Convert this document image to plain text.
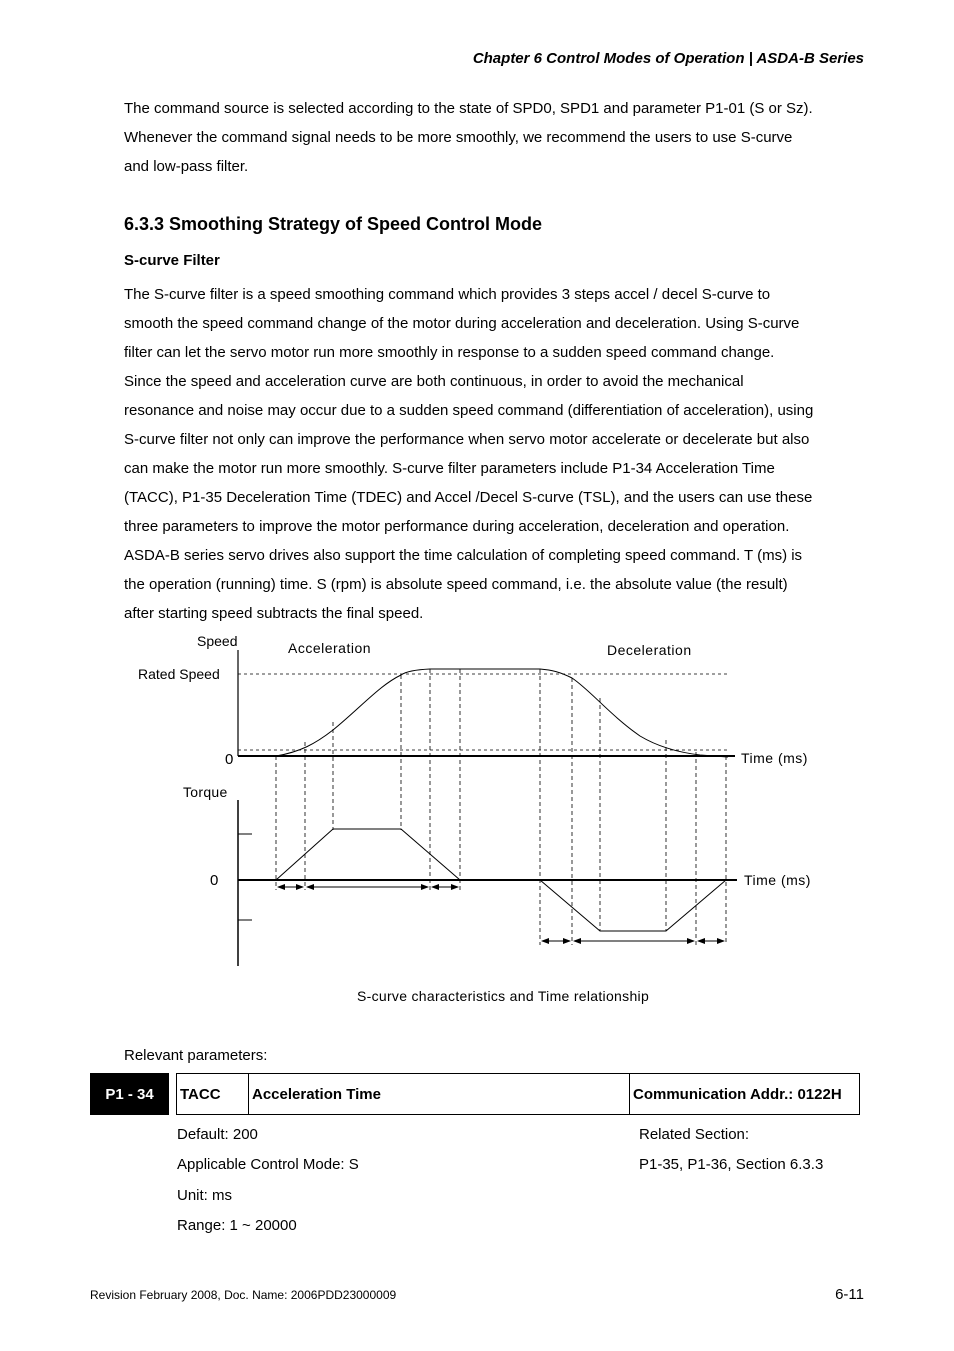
Chapter 6 Control Modes of Operation | ASDA-B Series
The command source is selected according to the state of SPD0, SPD1 and parameter P1-01 (S or Sz).
Whenever the command signal needs to be more smoothly, we recommend the users to use S-curve
and low-pass filter.
6.3.3 Smoothing Strategy of Speed Control Mode
S-curve Filter
The S-curve filter is a speed smoothing command which provides 3 steps accel / decel S-curve to
smooth the speed command change of the motor during acceleration and deceleration. Using S-curve
filter can let the servo motor run more smoothly in response to a sudden speed command change.
Since the speed and acceleration curve are both continuous, in order to avoid the mechanical
resonance and noise may occur due to a sudden speed command (differentiation of acceleration), using
S-curve filter not only can improve the performance when servo motor accelerate or decelerate but also
can make the motor run more smoothly. S-curve filter parameters include P1-34 Acceleration Time
(TACC), P1-35 Deceleration Time (TDEC) and Accel /Decel S-curve (TSL), and the users can use these
three parameters to improve the motor performance during acceleration, deceleration and operation.
ASDA-B series servo drives also support the time calculation of completing speed command. T (ms) is
the operation (running) time. S (rpm) is absolute speed command, i.e. the absolute value (the result)
after starting speed subtracts the final speed.
Speed	Acceleration	Deceleration
Rated Speed
0	Time (ms)
Torque
0	Time (ms)
S-curve characteristics and Time relationship
Relevant parameters:
P1 - 34	TACC	Acceleration Time	Communication Addr.: 0122H
Default: 200
Applicable Control Mode: S
Unit: ms
Range: 1 ~ 20000
Related Section:
P1-35, P1-36, Section 6.3.3
Revision February 2008, Doc. Name: 2006PDD23000009	6-11
